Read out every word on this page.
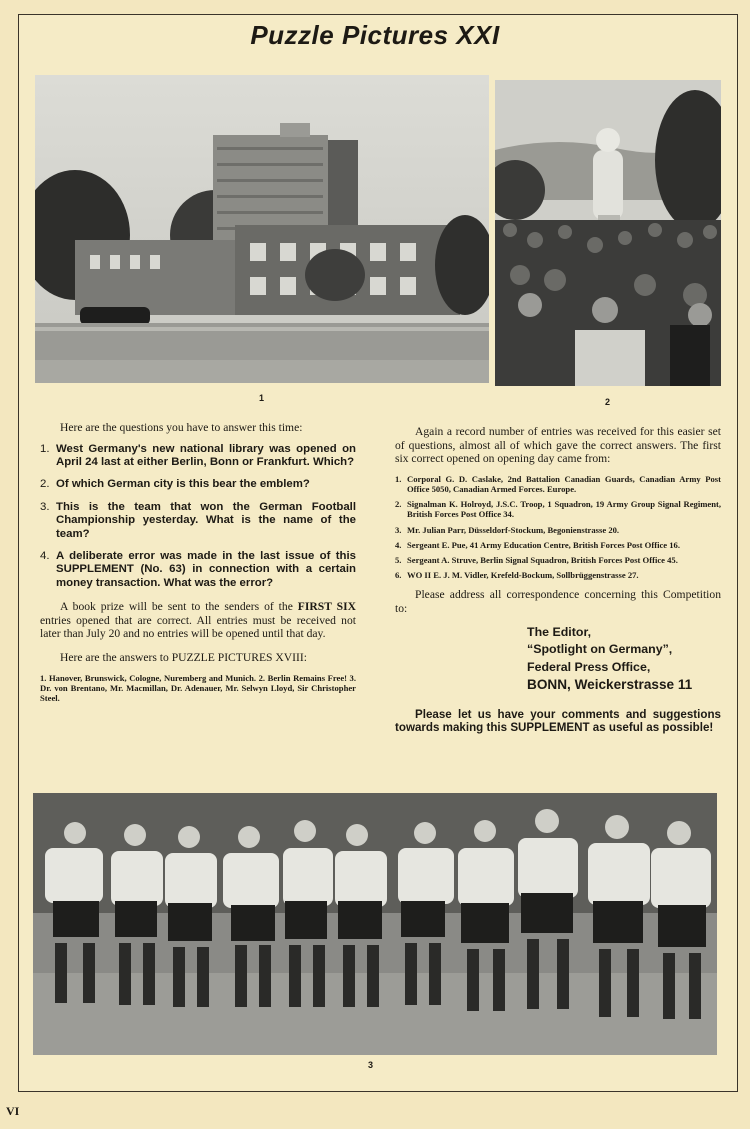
Puzzle Pictures XXI
1	2

Here are the questions you have to answer this time:

1. West Germany's new national library was opened on April 24 last at either Berlin, Bonn or Frankfurt. Which?
2. Of which German city is this bear the emblem?
3. This is the team that won the German Football Championship yesterday. What is the name of the team?
4. A deliberate error was made in the last issue of this SUPPLEMENT (No. 63) in connection with a certain money transaction. What was the error?

A book prize will be sent to the senders of the FIRST SIX entries opened that are correct. All entries must be received not later than July 20 and no entries will be opened until that day.

Here are the answers to PUZZLE PICTURES XVIII:

1. Hanover, Brunswick, Cologne, Nuremberg and Munich. 2. Berlin Remains Free! 3. Dr. von Brentano, Mr. Macmillan, Dr. Adenauer, Mr. Selwyn Lloyd, Sir Christopher Steel.

Again a record number of entries was received for this easier set of questions, almost all of which gave the correct answers. The first six correct opened on opening day came from:

1. Corporal G. D. Caslake, 2nd Battalion Canadian Guards, Canadian Army Post Office 5050, Canadian Armed Forces. Europe.
2. Signalman K. Holroyd, J.S.C. Troop, 1 Squadron, 19 Army Group Signal Regiment, British Forces Post Office 34.
3. Mr. Julian Parr, Düsseldorf-Stockum, Begonienstrasse 20.
4. Sergeant E. Pue, 41 Army Education Centre, British Forces Post Office 16.
5. Sergeant A. Struve, Berlin Signal Squadron, British Forces Post Office 45.
6. WO II E. J. M. Vidler, Krefeld-Bockum, Sollbrüggenstrasse 27.

Please address all correspondence concerning this Competition to:

The Editor,
“Spotlight on Germany”,
Federal Press Office,
BONN, Weickerstrasse 11

Please let us have your comments and suggestions towards making this SUPPLEMENT as useful as possible!

3
VI
